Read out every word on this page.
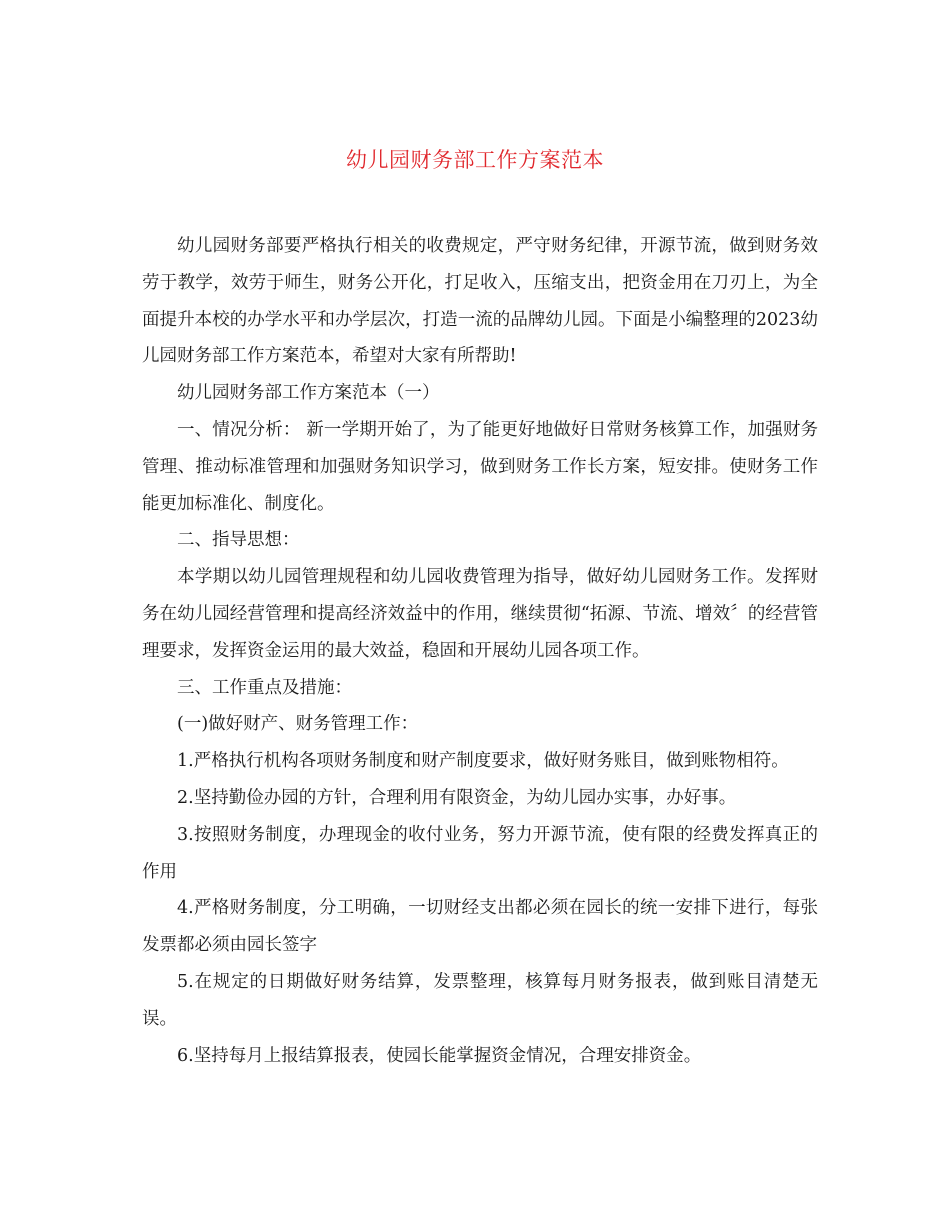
幼儿园财务部工作方案范本

幼儿园财务部要严格执行相关的收费规定，严守财务纪律，开源节流，做到财务效劳于教学，效劳于师生，财务公开化，打足收入，压缩支出，把资金用在刀刃上，为全面提升本校的办学水平和办学层次，打造一流的品牌幼儿园。下面是小编整理的2023幼儿园财务部工作方案范本，希望对大家有所帮助!

幼儿园财务部工作方案范本（一）

一、情况分析： 新一学期开始了，为了能更好地做好日常财务核算工作，加强财务管理、推动标准管理和加强财务知识学习，做到财务工作长方案，短安排。使财务工作能更加标准化、制度化。

二、指导思想：

本学期以幼儿园管理规程和幼儿园收费管理为指导，做好幼儿园财务工作。发挥财务在幼儿园经营管理和提高经济效益中的作用，继续贯彻“拓源、节流、增效〞的经营管理要求，发挥资金运用的最大效益，稳固和开展幼儿园各项工作。

三、工作重点及措施：

(一)做好财产、财务管理工作：

1.严格执行机构各项财务制度和财产制度要求，做好财务账目，做到账物相符。

2.坚持勤俭办园的方针，合理利用有限资金，为幼儿园办实事，办好事。

3.按照财务制度，办理现金的收付业务，努力开源节流，使有限的经费发挥真正的作用

4.严格财务制度，分工明确，一切财经支出都必须在园长的统一安排下进行，每张发票都必须由园长签字

5.在规定的日期做好财务结算，发票整理，核算每月财务报表，做到账目清楚无误。

6.坚持每月上报结算报表，使园长能掌握资金情况，合理安排资金。
